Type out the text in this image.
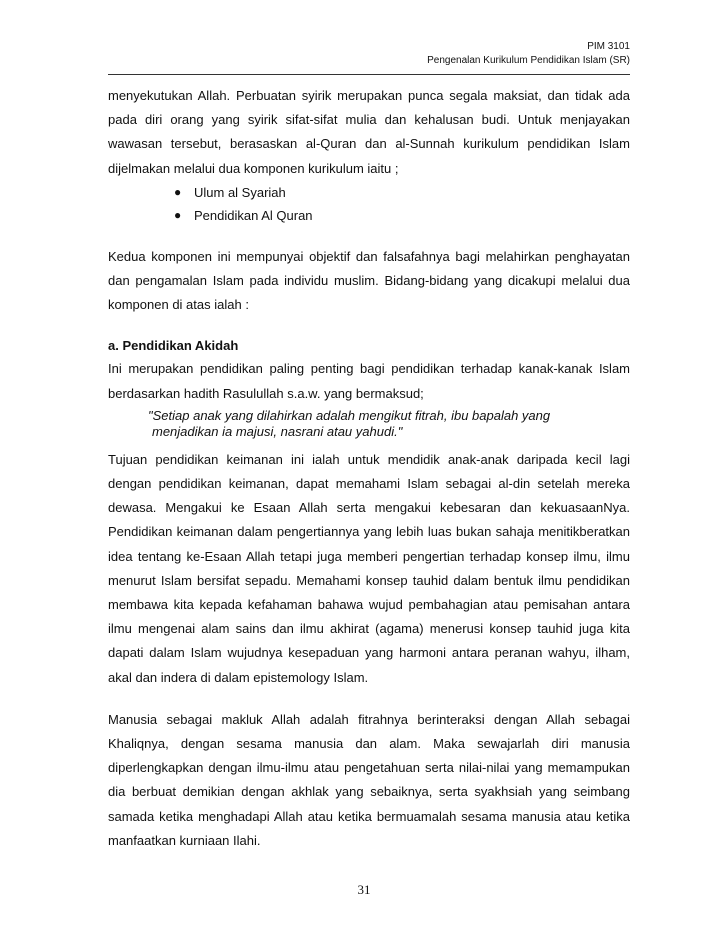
PIM 3101
Pengenalan Kurikulum Pendidikan Islam (SR)

menyekutukan Allah. Perbuatan syirik merupakan punca segala maksiat, dan tidak ada pada diri orang yang syirik sifat-sifat mulia dan kehalusan budi. Untuk menjayakan wawasan tersebut, berasaskan al-Quran dan al-Sunnah kurikulum pendidikan Islam dijelmakan melalui dua komponen kurikulum iaitu ;

● Ulum al Syariah
● Pendidikan Al Quran

Kedua komponen ini mempunyai objektif dan falsafahnya bagi melahirkan penghayatan dan pengamalan Islam pada individu muslim. Bidang-bidang yang dicakupi melalui dua komponen di atas ialah :

a. Pendidikan Akidah

Ini merupakan pendidikan paling penting bagi pendidikan terhadap kanak-kanak Islam berdasarkan hadith Rasulullah s.a.w. yang bermaksud;

"Setiap anak yang dilahirkan adalah mengikut fitrah, ibu bapalah yang
menjadikan ia majusi, nasrani atau yahudi."

Tujuan pendidikan keimanan ini ialah untuk mendidik anak-anak daripada kecil lagi dengan pendidikan keimanan, dapat memahami Islam sebagai al-din setelah mereka dewasa. Mengakui ke Esaan Allah serta mengakui kebesaran dan kekuasaanNya. Pendidikan keimanan dalam pengertiannya yang lebih luas bukan sahaja menitikberatkan idea tentang ke-Esaan Allah tetapi juga memberi pengertian terhadap konsep ilmu, ilmu menurut Islam bersifat sepadu. Memahami konsep tauhid dalam bentuk ilmu pendidikan membawa kita kepada kefahaman bahawa wujud pembahagian atau pemisahan antara ilmu mengenai alam sains dan ilmu akhirat (agama) menerusi konsep tauhid juga kita dapati dalam Islam wujudnya kesepaduan yang harmoni antara peranan wahyu, ilham, akal dan indera di dalam epistemology Islam.

Manusia sebagai makluk Allah adalah fitrahnya berinteraksi dengan Allah sebagai Khaliqnya, dengan sesama manusia dan alam. Maka sewajarlah diri manusia diperlengkapkan dengan ilmu-ilmu atau pengetahuan serta nilai-nilai yang memampukan dia berbuat demikian dengan akhlak yang sebaiknya, serta syakhsiah yang seimbang samada ketika menghadapi Allah atau ketika bermuamalah sesama manusia atau ketika manfaatkan kurniaan Ilahi.

31
